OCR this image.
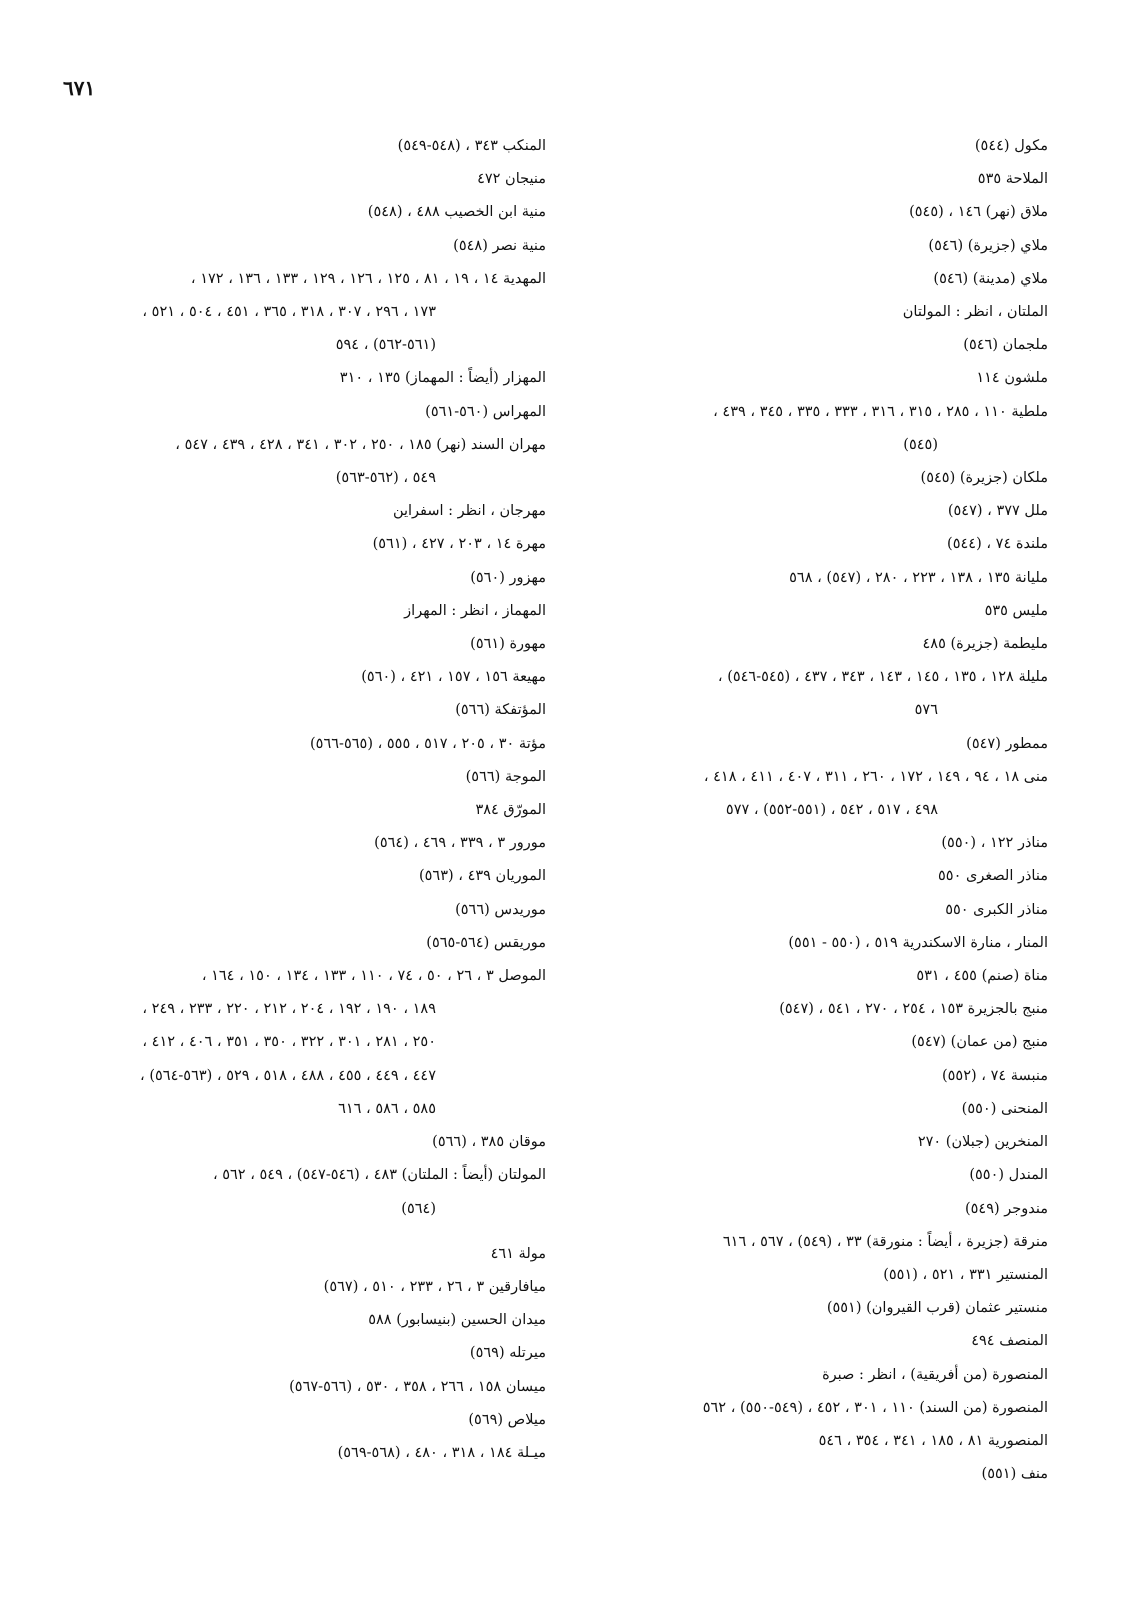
٦٧١
مكول (٥٤٤)
الملاحة ٥٣٥
ملاق (نهر) ١٤٦ ، (٥٤٥)
ملاي (جزيرة) (٥٤٦)
ملاي (مدينة) (٥٤٦)
الملتان ، انظر : المولتان
ملجمان (٥٤٦)
ملشون ١١٤
ملطية ١١٠ ، ٢٨٥ ، ٣١٥ ، ٣١٦ ، ٣٣٣ ، ٣٣٥ ، ٣٤٥ ، ٤٣٩ ،
(٥٤٥)
ملكان (جزيرة) (٥٤٥)
ملل ٣٧٧ ، (٥٤٧)
ملندة ٧٤ ، (٥٤٤)
مليانة ١٣٥ ، ١٣٨ ، ٢٢٣ ، ٢٨٠ ، (٥٤٧) ، ٥٦٨
مليس ٥٣٥
مليطمة (جزيرة) ٤٨٥
مليلة ١٢٨ ، ١٣٥ ، ١٤٥ ، ١٤٣ ، ٣٤٣ ، ٤٣٧ ، (٥٤٥-٥٤٦) ،
٥٧٦
ممطور (٥٤٧)
منى ١٨ ، ٩٤ ، ١٤٩ ، ١٧٢ ، ٢٦٠ ، ٣١١ ، ٤٠٧ ، ٤١١ ، ٤١٨ ،
٤٩٨ ، ٥١٧ ، ٥٤٢ ، (٥٥١-٥٥٢) ، ٥٧٧
مناذر ١٢٢ ، (٥٥٠)
مناذر الصغرى ٥٥٠
مناذر الكبرى ٥٥٠
المنار ، منارة الاسكندرية ٥١٩ ، (٥٥٠ - ٥٥١)
مناة (صنم) ٤٥٥ ، ٥٣١
منبج بالجزيرة ١٥٣ ، ٢٥٤ ، ٢٧٠ ، ٥٤١ ، (٥٤٧)
منبج (من عمان) (٥٤٧)
منبسة ٧٤ ، (٥٥٢)
المنحنى (٥٥٠)
المنخرين (جبلان) ٢٧٠
المندل (٥٥٠)
مندوجر (٥٤٩)
منرقة (جزيرة ، أيضاً : منورقة) ٣٣ ، (٥٤٩) ، ٥٦٧ ، ٦١٦
المنستير ٣٣١ ، ٥٢١ ، (٥٥١)
منستير عثمان (قرب القيروان) (٥٥١)
المنصف ٤٩٤
المنصورة (من أفريقية) ، انظر : صبرة
المنصورة (من السند) ١١٠ ، ٣٠١ ، ٤٥٢ ، (٥٤٩-٥٥٠) ، ٥٦٢
المنصورية ٨١ ، ١٨٥ ، ٣٤١ ، ٣٥٤ ، ٥٤٦
منف (٥٥١)
المنكب ٣٤٣ ، (٥٤٨-٥٤٩)
منيجان ٤٧٢
منية ابن الخصيب ٤٨٨ ، (٥٤٨)
منية نصر (٥٤٨)
المهدية ١٤ ، ١٩ ، ٨١ ، ١٢٥ ، ١٢٦ ، ١٢٩ ، ١٣٣ ، ١٣٦ ، ١٧٢ ،
١٧٣ ، ٢٩٦ ، ٣٠٧ ، ٣١٨ ، ٣٦٥ ، ٤٥١ ، ٥٠٤ ، ٥٢١ ،
(٥٦١-٥٦٢) ، ٥٩٤
المهزار (أيضاً : المهماز) ١٣٥ ، ٣١٠
المهراس (٥٦٠-٥٦١)
مهران السند (نهر) ١٨٥ ، ٢٥٠ ، ٣٠٢ ، ٣٤١ ، ٤٢٨ ، ٤٣٩ ، ٥٤٧ ،
٥٤٩ ، (٥٦٢-٥٦٣)
مهرجان ، انظر : اسفراين
مهرة ١٤ ، ٢٠٣ ، ٤٢٧ ، (٥٦١)
مهزور (٥٦٠)
المهماز ، انظر : المهراز
مهورة (٥٦١)
مهيعة ١٥٦ ، ١٥٧ ، ٤٢١ ، (٥٦٠)
المؤتفكة (٥٦٦)
مؤتة ٣٠ ، ٢٠٥ ، ٥١٧ ، ٥٥٥ ، (٥٦٥-٥٦٦)
الموجة (٥٦٦)
المورّق ٣٨٤
مورور ٣ ، ٣٣٩ ، ٤٦٩ ، (٥٦٤)
الموريان ٤٣٩ ، (٥٦٣)
موريدس (٥٦٦)
موريقس (٥٦٤-٥٦٥)
الموصل ٣ ، ٢٦ ، ٥٠ ، ٧٤ ، ١١٠ ، ١٣٣ ، ١٣٤ ، ١٥٠ ، ١٦٤ ،
١٨٩ ، ١٩٠ ، ١٩٢ ، ٢٠٤ ، ٢١٢ ، ٢٢٠ ، ٢٣٣ ، ٢٤٩ ،
٢٥٠ ، ٢٨١ ، ٣٠١ ، ٣٢٢ ، ٣٥٠ ، ٣٥١ ، ٤٠٦ ، ٤١٢ ،
٤٤٧ ، ٤٤٩ ، ٤٥٥ ، ٤٨٨ ، ٥١٨ ، ٥٢٩ ، (٥٦٣-٥٦٤) ،
٥٨٥ ، ٥٨٦ ، ٦١٦
موقان ٣٨٥ ، (٥٦٦)
المولتان (أيضاً : الملتان) ٤٨٣ ، (٥٤٦-٥٤٧) ، ٥٤٩ ، ٥٦٢ ،
(٥٦٤)
مولة ٤٦١
ميافارقين ٣ ، ٢٦ ، ٢٣٣ ، ٥١٠ ، (٥٦٧)
ميدان الحسين (بنيسابور) ٥٨٨
ميرتله (٥٦٩)
ميسان ١٥٨ ، ٢٦٦ ، ٣٥٨ ، ٥٣٠ ، (٥٦٦-٥٦٧)
ميلاص (٥٦٩)
ميـلة ١٨٤ ، ٣١٨ ، ٤٨٠ ، (٥٦٨-٥٦٩)
